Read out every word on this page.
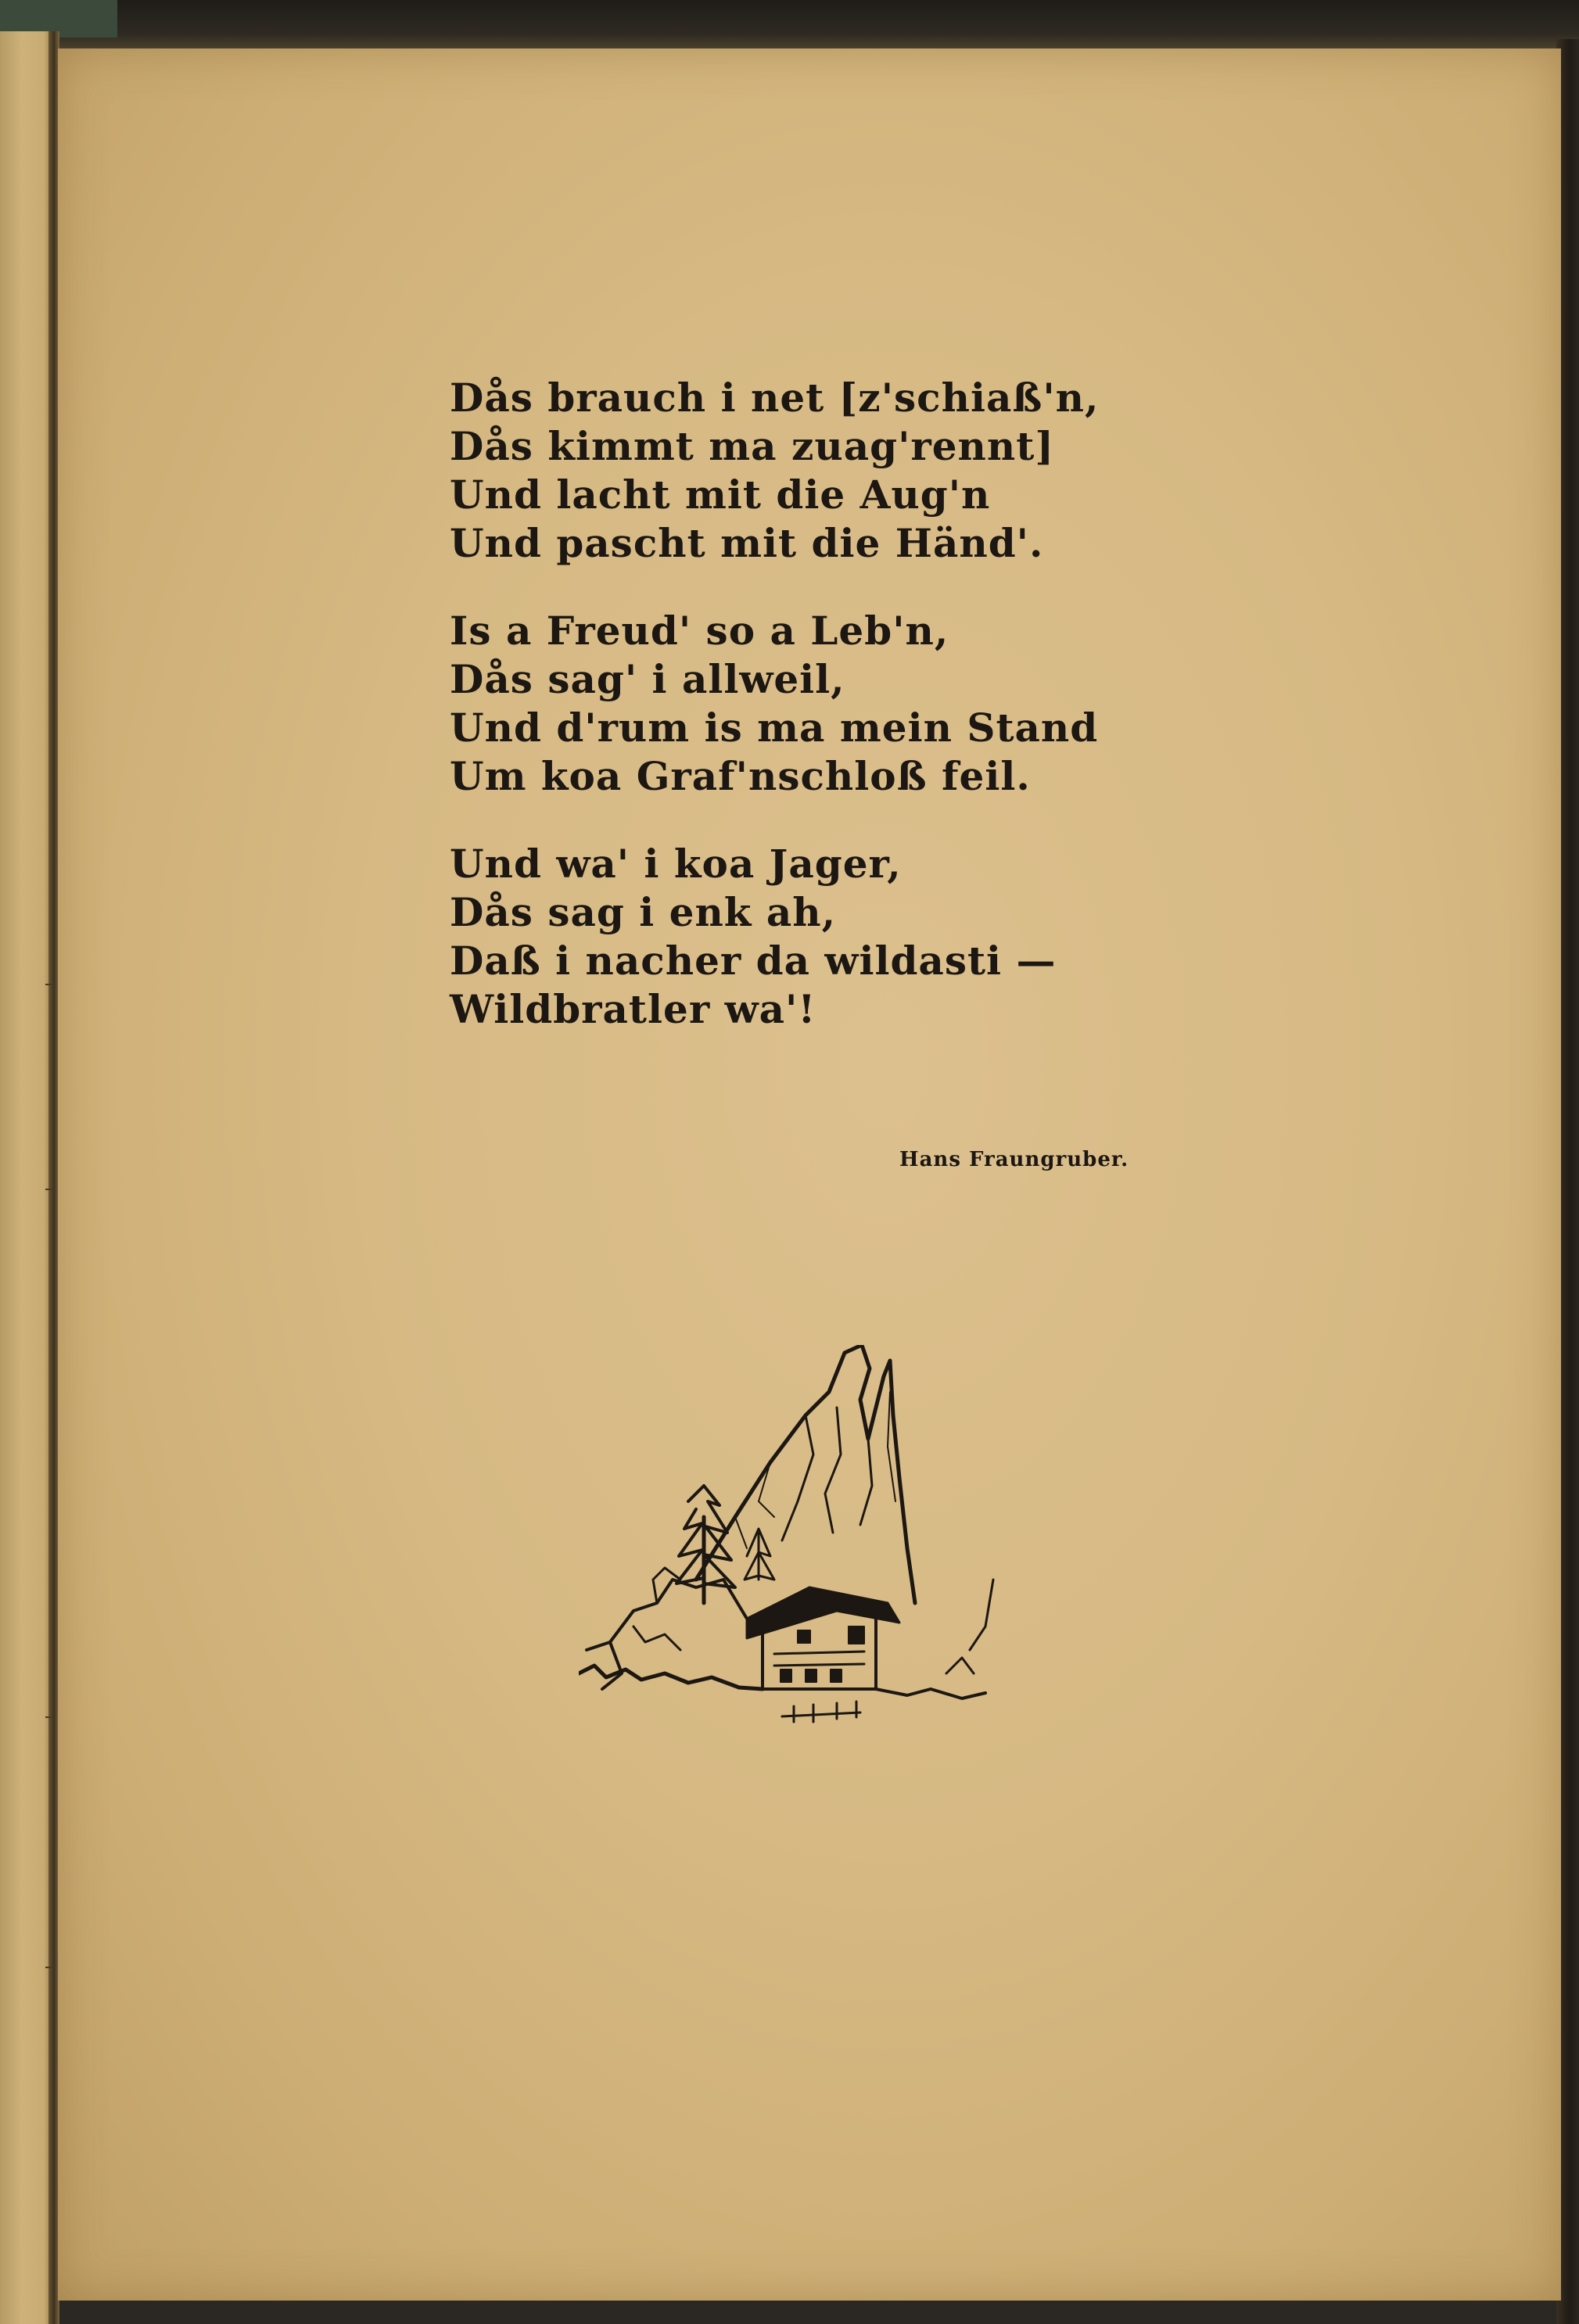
Dås brauch i net [z'schiaß'n,
Dås kimmt ma zuag'rennt]
Und lacht mit die Aug'n
Und pascht mit die Händ'.
Is a Freud' so a Leb'n,
Dås sag' i allweil,
Und d'rum is ma mein Stand
Um koa Graf'nschloß feil.
Und wa' i koa Jager,
Dås sag i enk ah,
Daß i nacher da wildasti —
Wildbratler wa'!
Hans Fraungruber.
